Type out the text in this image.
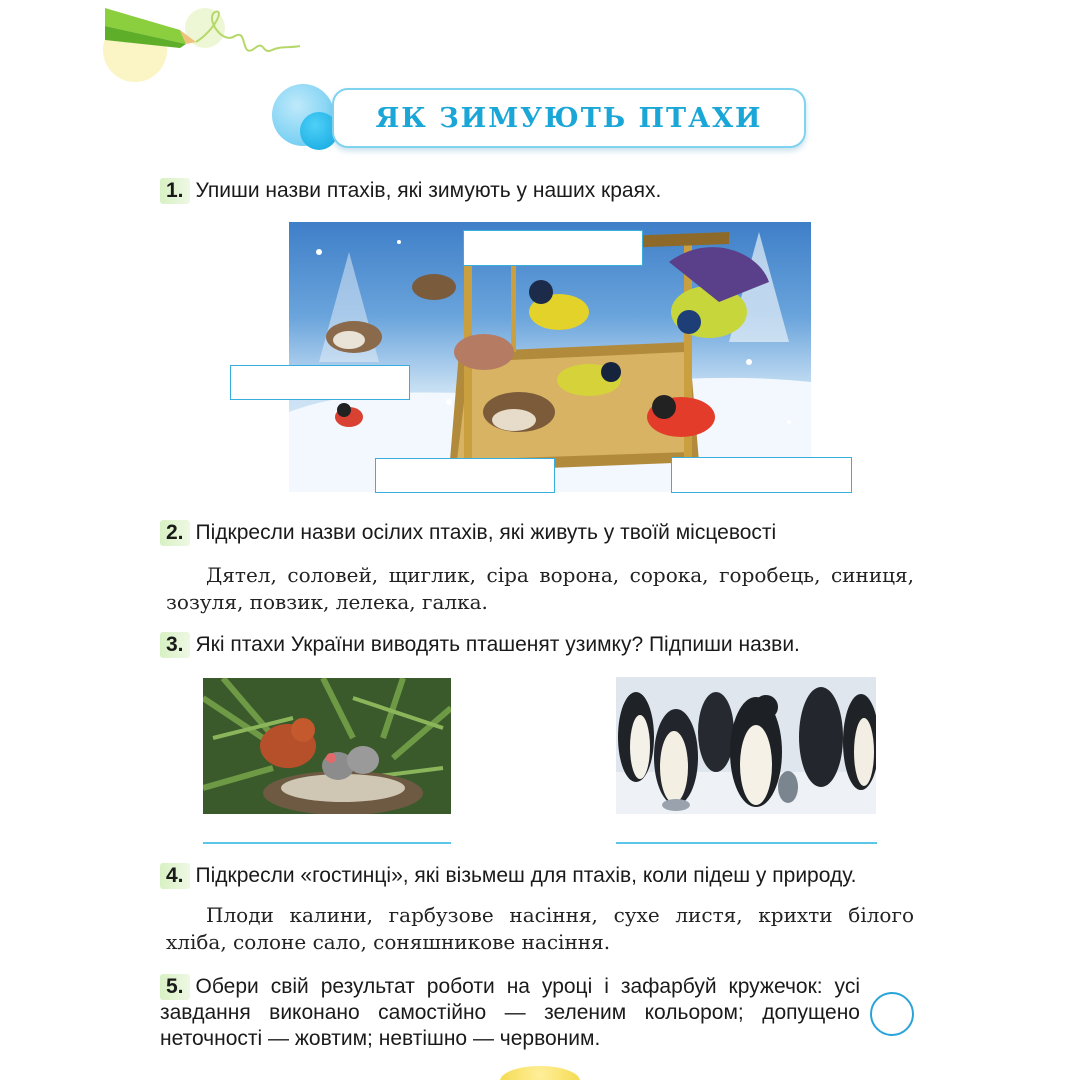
ЯК ЗИМУЮТЬ ПТАХИ
1. Упиши назви птахів, які зимують у наших краях.
2. Підкресли назви осілих птахів, які живуть у твоїй місцевості
Дятел, соловей, щиглик, сіра ворона, сорока, горобець, синиця, зозуля, повзик, лелека, галка.
3. Які птахи України виводять пташенят узимку? Підпиши назви.
4. Підкресли «гостинці», які візьмеш для птахів, коли підеш у природу.
Плоди калини, гарбузове насіння, сухе листя, крихти білого хліба, солоне сало, соняшникове насіння.
5. Обери свій результат роботи на уроці і зафарбуй кружечок: усі завдання виконано самостійно — зеленим кольором; допущено неточності — жовтим; невтішно — червоним.
